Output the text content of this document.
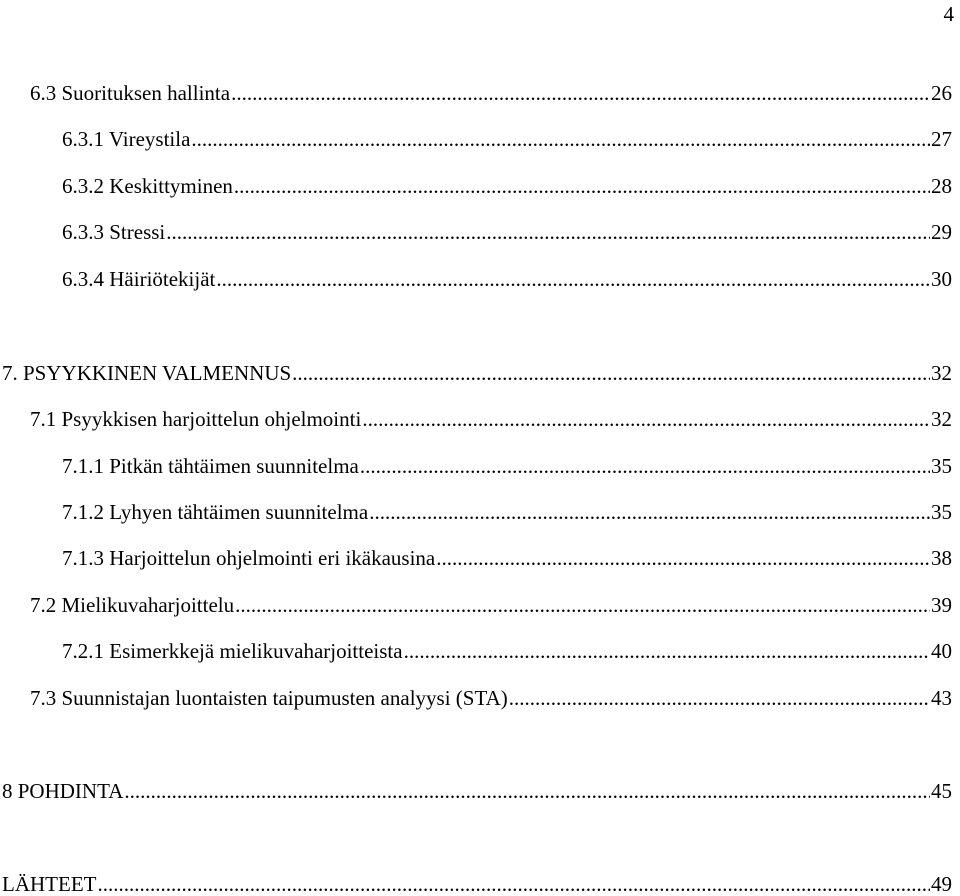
4
6.3 Suorituksen hallinta .....	26
6.3.1 Vireystila .....	27
6.3.2 Keskittyminen .....	28
6.3.3 Stressi .....	29
6.3.4 Häiriötekijät .....	30
7. PSYYKKINEN VALMENNUS .....	32
7.1 Psyykkisen harjoittelun ohjelmointi .....	32
7.1.1 Pitkän tähtäimen suunnitelma .....	35
7.1.2 Lyhyen tähtäimen suunnitelma .....	35
7.1.3 Harjoittelun ohjelmointi eri ikäkausina .....	38
7.2 Mielikuvaharjoittelu .....	39
7.2.1 Esimerkkejä mielikuvaharjoitteista .....	40
7.3 Suunnistajan luontaisten taipumusten analyysi (STA) .....	43
8 POHDINTA .....	45
LÄHTEET .....	49
